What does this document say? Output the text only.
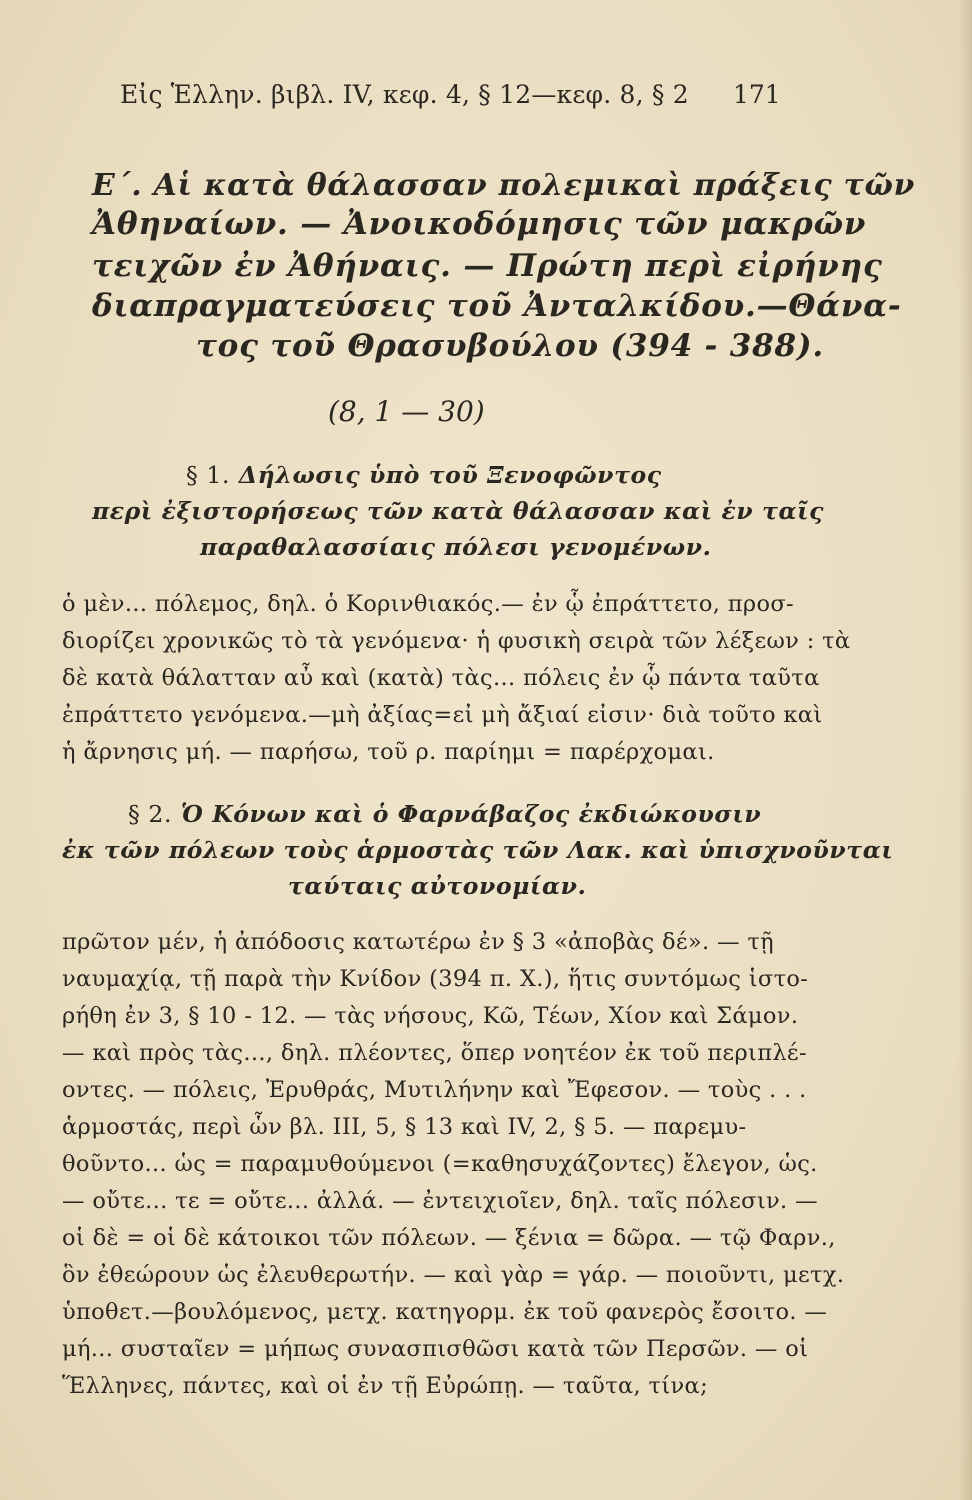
Εἰς Ἑλλην. βιβλ. IV, κεφ. 4, § 12—κεφ. 8, § 2 171
Ε΄. Αἱ κατὰ θάλασσαν πολεμικαὶ πράξεις τῶν
Ἀθηναίων. — Ἀνοικοδόμησις τῶν μακρῶν
τειχῶν ἐν Ἀθήναις. — Πρώτη περὶ εἰρήνης
διαπραγματεύσεις τοῦ Ἀνταλκίδου.—Θάνα-
τος τοῦ Θρασυβούλου (394 - 388).
(8, 1 — 30)
§ 1. Δήλωσις ὑπὸ τοῦ Ξενοφῶντος
περὶ ἐξιστορήσεως τῶν κατὰ θάλασσαν καὶ ἐν ταῖς
παραθαλασσίαις πόλεσι γενομένων.
ὁ μὲν... πόλεμος, δηλ. ὁ Κορινθιακός.— ἐν ᾧ ἐπράττετο, προσ-
διορίζει χρονικῶς τὸ τὰ γενόμενα· ἡ φυσικὴ σειρὰ τῶν λέξεων : τὰ
δὲ κατὰ θάλατταν αὖ καὶ (κατὰ) τὰς... πόλεις ἐν ᾧ πάντα ταῦτα
ἐπράττετο γενόμενα.—μὴ ἀξίας=εἰ μὴ ἄξιαί εἰσιν· διὰ τοῦτο καὶ
ἡ ἄρνησις μή. — παρήσω, τοῦ ρ. παρίημι = παρέρχομαι.
§ 2. Ὁ Κόνων καὶ ὁ Φαρνάβαζος ἐκδιώκουσιν
ἐκ τῶν πόλεων τοὺς ἁρμοστὰς τῶν Λακ. καὶ ὑπισχνοῦνται
ταύταις αὐτονομίαν.
πρῶτον μέν, ἡ ἀπόδοσις κατωτέρω ἐν § 3 «ἀποβὰς δέ». — τῇ
ναυμαχίᾳ, τῇ παρὰ τὴν Κνίδον (394 π. Χ.), ἥτις συντόμως ἱστο-
ρήθη ἐν 3, § 10 - 12. — τὰς νήσους, Κῶ, Τέων, Χίον καὶ Σάμον.
— καὶ πρὸς τὰς..., δηλ. πλέοντες, ὅπερ νοητέον ἐκ τοῦ περιπλέ-
οντες. — πόλεις, Ἐρυθράς, Μυτιλήνην καὶ Ἔφεσον. — τοὺς . . .
ἁρμοστάς, περὶ ὧν βλ. III, 5, § 13 καὶ IV, 2, § 5. — παρεμυ-
θοῦντο... ὡς = παραμυθούμενοι (=καθησυχάζοντες) ἔλεγον, ὡς.
— οὔτε... τε = οὔτε... ἀλλά. — ἐντειχιοῖεν, δηλ. ταῖς πόλεσιν. —
οἱ δὲ = οἱ δὲ κάτοικοι τῶν πόλεων. — ξένια = δῶρα. — τῷ Φαρν.,
ὃν ἐθεώρουν ὡς ἐλευθερωτήν. — καὶ γὰρ = γάρ. — ποιοῦντι, μετχ.
ὑποθετ.—βουλόμενος, μετχ. κατηγορμ. ἐκ τοῦ φανερὸς ἔσοιτο. —
μή... συσταῖεν = μήπως συνασπισθῶσι κατὰ τῶν Περσῶν. — οἱ
Ἕλληνες, πάντες, καὶ οἱ ἐν τῇ Εὐρώπῃ. — ταῦτα, τίνα;
